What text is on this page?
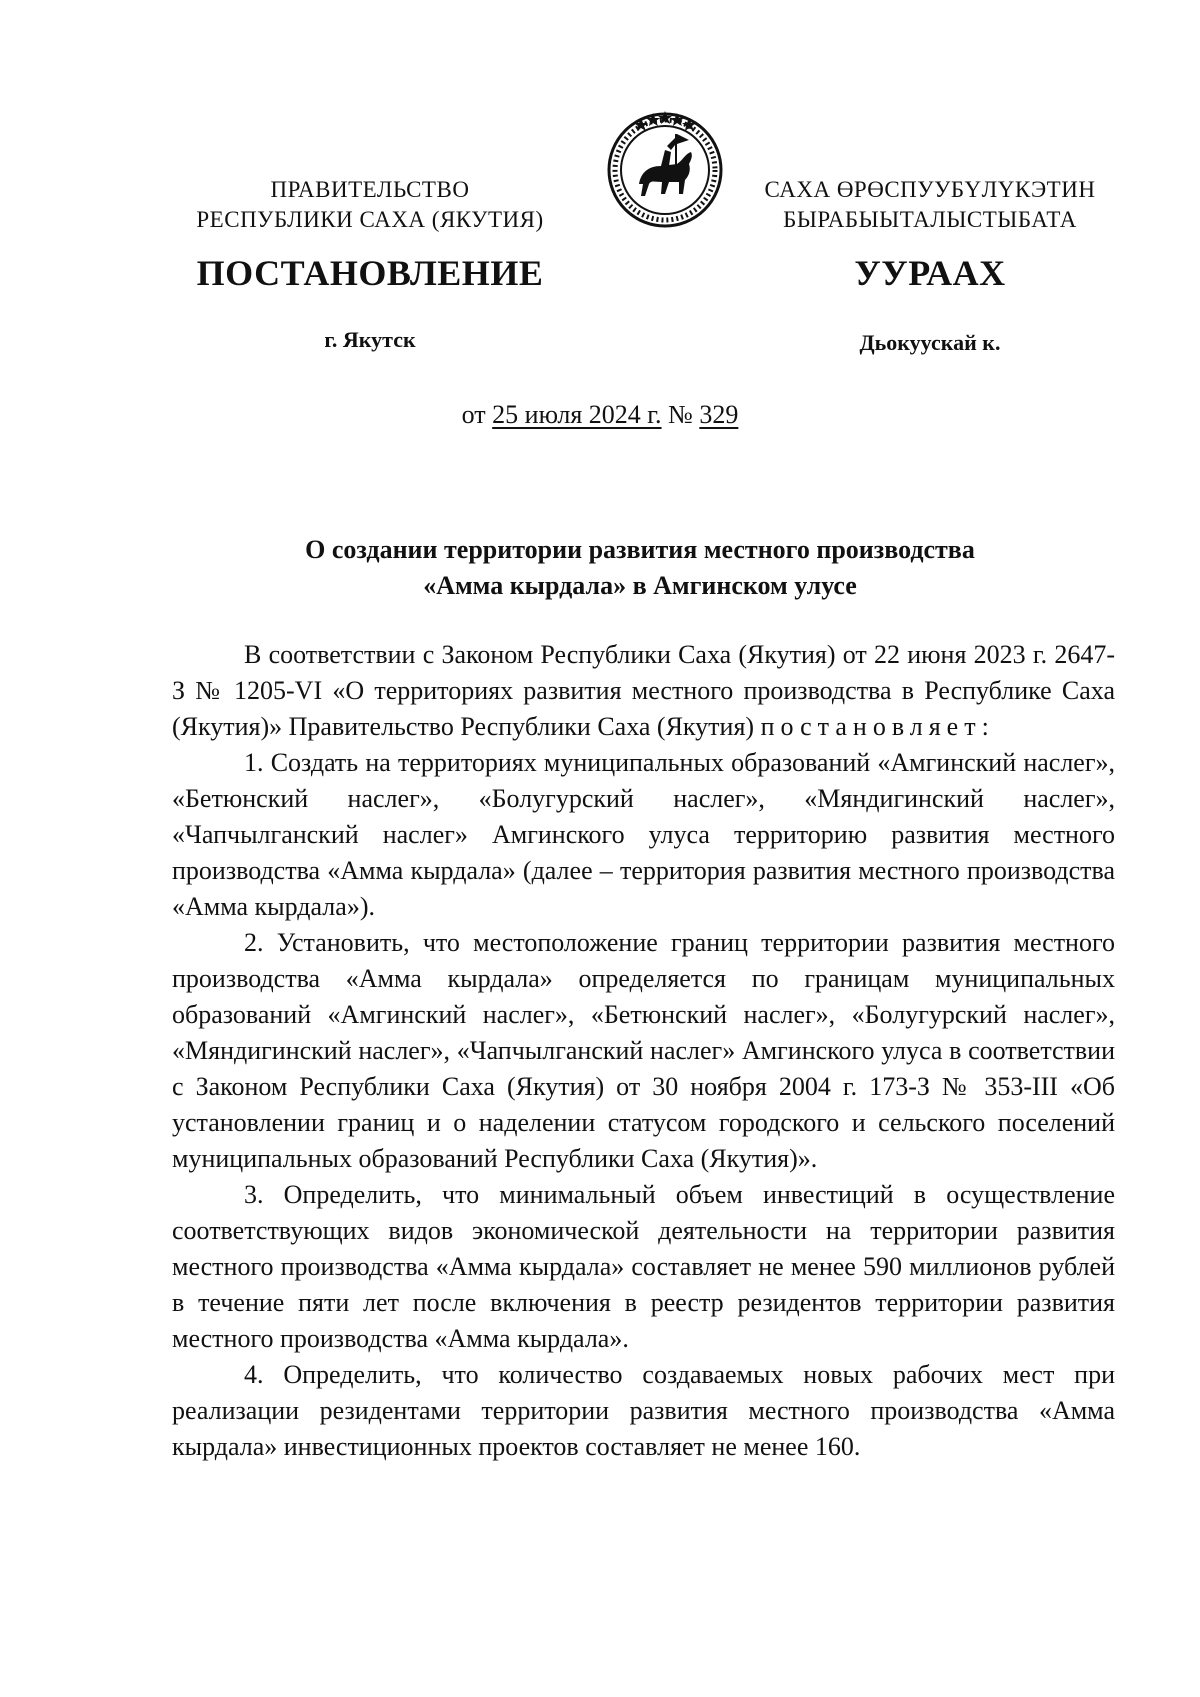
ПРАВИТЕЛЬСТВО
РЕСПУБЛИКИ САХА (ЯКУТИЯ)
САХА ӨРӨСПУУБҮЛҮКЭТИН
БЫРАБЫЫТАЛЫСТЫБАТА
ПОСТАНОВЛЕНИЕ	УУРААХ
г. Якутск	Дьокуускай к.
от 25 июля 2024 г. № 329
О создании территории развития местного производства
«Амма кырдала» в Амгинском улусе

В соответствии с Законом Республики Саха (Якутия) от 22 июня 2023 г. 2647-З № 1205-VI «О территориях развития местного производства в Республике Саха (Якутия)» Правительство Республики Саха (Якутия) постановляет:

1. Создать на территориях муниципальных образований «Амгинский наслег», «Бетюнский наслег», «Болугурский наслег», «Мяндигинский наслег», «Чапчылганский наслег» Амгинского улуса территорию развития местного производства «Амма кырдала» (далее – территория развития местного производства «Амма кырдала»).

2. Установить, что местоположение границ территории развития местного производства «Амма кырдала» определяется по границам муниципальных образований «Амгинский наслег», «Бетюнский наслег», «Болугурский наслег», «Мяндигинский наслег», «Чапчылганский наслег» Амгинского улуса в соответствии с Законом Республики Саха (Якутия) от 30 ноября 2004 г. 173-З № 353-III «Об установлении границ и о наделении статусом городского и сельского поселений муниципальных образований Республики Саха (Якутия)».

3. Определить, что минимальный объем инвестиций в осуществление соответствующих видов экономической деятельности на территории развития местного производства «Амма кырдала» составляет не менее 590 миллионов рублей в течение пяти лет после включения в реестр резидентов территории развития местного производства «Амма кырдала».

4. Определить, что количество создаваемых новых рабочих мест при реализации резидентами территории развития местного производства «Амма кырдала» инвестиционных проектов составляет не менее 160.
